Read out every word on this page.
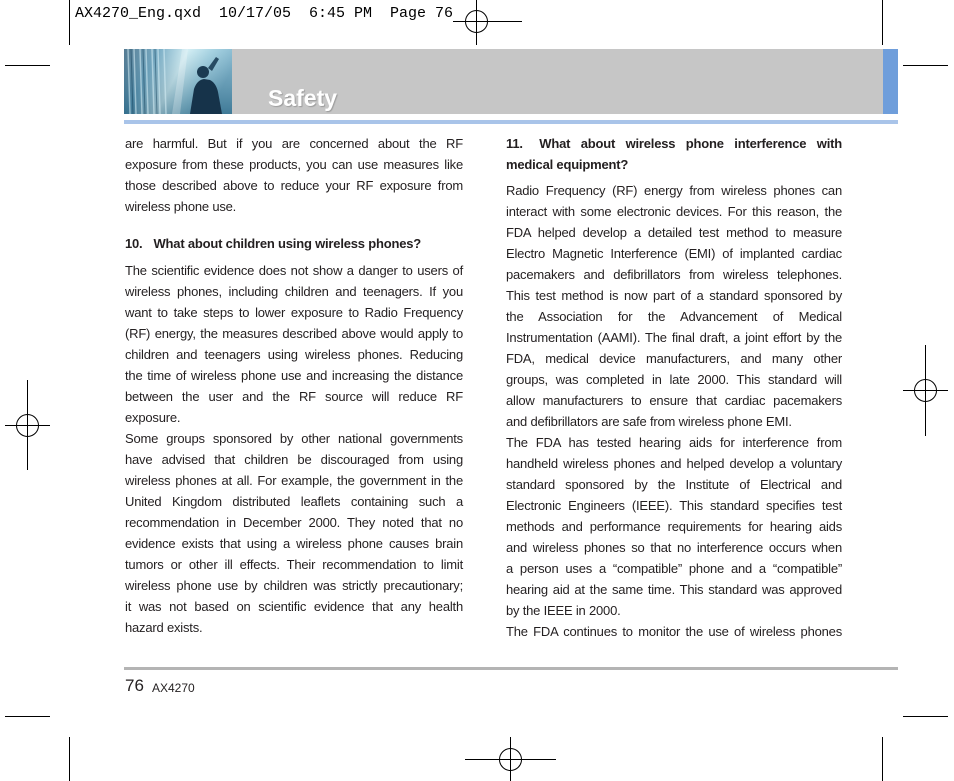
AX4270_Eng.qxd  10/17/05  6:45 PM  Page 76
Safety
are harmful. But if you are concerned about the RF
exposure from these products, you can use measures like
those described above to reduce your RF exposure from
wireless phone use.
10. What about children using wireless phones?
The scientific evidence does not show a danger to users of
wireless phones, including children and teenagers. If you
want to take steps to lower exposure to Radio Frequency
(RF) energy, the measures described above would apply to
children and teenagers using wireless phones. Reducing
the time of wireless phone use and increasing the distance
between the user and the RF source will reduce RF
exposure.
Some groups sponsored by other national governments
have advised that children be discouraged from using
wireless phones at all. For example, the government in the
United Kingdom distributed leaflets containing such a
recommendation in December 2000. They noted that no
evidence exists that using a wireless phone causes brain
tumors or other ill effects. Their recommendation to limit
wireless phone use by children was strictly precautionary;
it was not based on scientific evidence that any health
hazard exists.
11. What about wireless phone interference with
medical equipment?
Radio Frequency (RF) energy from wireless phones can
interact with some electronic devices. For this reason, the
FDA helped develop a detailed test method to measure
Electro Magnetic Interference (EMI) of implanted cardiac
pacemakers and defibrillators from wireless telephones.
This test method is now part of a standard sponsored by
the Association for the Advancement of Medical
Instrumentation (AAMI). The final draft, a joint effort by the
FDA, medical device manufacturers, and many other
groups, was completed in late 2000. This standard will
allow manufacturers to ensure that cardiac pacemakers
and defibrillators are safe from wireless phone EMI.
The FDA has tested hearing aids for interference from
handheld wireless phones and helped develop a voluntary
standard sponsored by the Institute of Electrical and
Electronic Engineers (IEEE). This standard specifies test
methods and performance requirements for hearing aids
and wireless phones so that no interference occurs when
a person uses a “compatible” phone and a “compatible”
hearing aid at the same time. This standard was approved
by the IEEE in 2000.
The FDA continues to monitor the use of wireless phones
76 AX4270
